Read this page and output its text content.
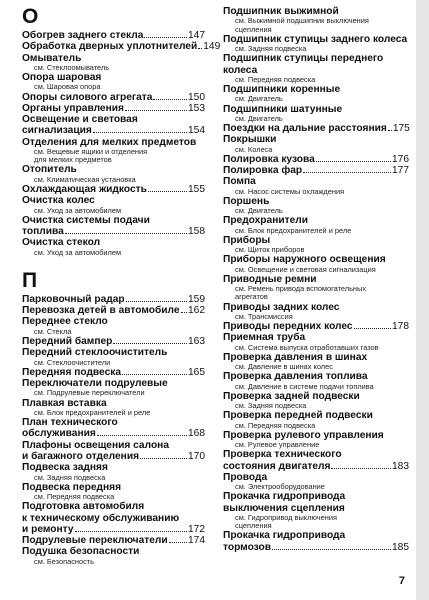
О
Обогрев заднего стекла	147
Обработка дверных уплотнителей 149
Омыватель
см. Стеклоомыватель
Опора шаровая
см. Шаровая опора
Опоры силового агрегата	150
Органы управления	153
Освещение и световая
сигнализация	154
Отделения для мелких предметов
см. Вещевые ящики и отделения
для мелких предметов
Отопитель
см. Климатическая установка
Охлаждающая жидкость	155
Очистка колес
см. Уход за автомобилем
Очистка системы подачи
топлива	158
Очистка стекол
см. Уход за автомобилем
П
Парковочный радар	159
Перевозка детей в автомобиле 162
Переднее стекло
см. Стекла
Передний бампер	163
Передний стеклоочиститель
см. Стеклоочистители
Передняя подвеска	165
Переключатели подрулевые
см. Подрулевые переключатели
Плавкая вставка
см. Блок предохранителей и реле
План технического
обслуживания	168
Плафоны освещения салона
и багажного отделения	170
Подвеска задняя
см. Задняя подвеска
Подвеска передняя
см. Передняя подвеска
Подготовка автомобиля
к техническому обслуживанию
и ремонту	172
Подрулевые переключатели 174
Подушка безопасности
см. Безопасность
Подшипник выжимной
см. Выжимной подшипник выключения
сцепления
Подшипник ступицы заднего колеса
см. Задняя подвеска
Подшипник ступицы переднего
колеса
см. Передняя подвеска
Подшипники коренные
см. Двигатель
Подшипники шатунные
см. Двигатель
Поездки на дальние расстояния 175
Покрышки
см. Колеса
Полировка кузова	176
Полировка фар	177
Помпа
см. Насос системы охлаждения
Поршень
см. Двигатель
Предохранители
см. Блок предохранителей и реле
Приборы
см. Щиток приборов
Приборы наружного освещения
см. Освещение и световая сигнализация
Приводные ремни
см. Ремень привода вспомогательных
агрегатов
Приводы задних колес
см. Трансмиссия
Приводы передних колес	178
Приемная труба
см. Система выпуска отработавших газов
Проверка давления в шинах
см. Давление в шинах колес
Проверка давления топлива
см. Давление в системе подачи топлива
Проверка задней подвески
см. Задняя подвеска
Проверка передней подвески
см. Передняя подвеска
Проверка рулевого управления
см. Рулевое управление
Проверка технического
состояния двигателя	183
Провода
см. Электрооборудование
Прокачка гидропривода
выключения сцепления
см. Гидропривод выключения
сцепления
Прокачка гидропривода
тормозов	185
7
